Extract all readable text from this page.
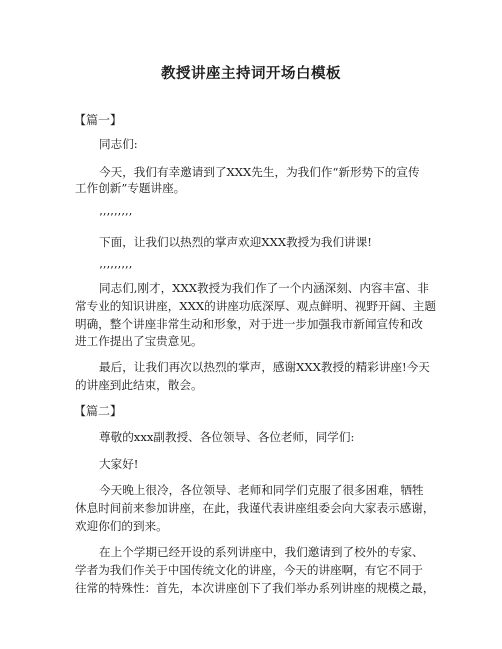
教授讲座主持词开场白模板
【篇一】
同志们:
今天，我们有幸邀请到了XXX先生，为我们作“新形势下的宣传
工作创新”专题讲座。
’’’’’’’’’
下面，让我们以热烈的掌声欢迎XXX教授为我们讲课!
’’’’’’’’’
同志们,刚才，XXX教授为我们作了一个内涵深刻、内容丰富、非
常专业的知识讲座，XXX的讲座功底深厚、观点鲜明、视野开阔、主题
明确，整个讲座非常生动和形象，对于进一步加强我市新闻宣传和改
进工作提出了宝贵意见。
最后，让我们再次以热烈的掌声，感谢XXX教授的精彩讲座!今天
的讲座到此结束，散会。
【篇二】
尊敬的xxx副教授、各位领导、各位老师，同学们:
大家好!
今天晚上很冷，各位领导、老师和同学们克服了很多困难，牺牲
休息时间前来参加讲座，在此，我谨代表讲座组委会向大家表示感谢，
欢迎你们的到来。
在上个学期已经开设的系列讲座中，我们邀请到了校外的专家、
学者为我们作关于中国传统文化的讲座，今天的讲座啊，有它不同于
往常的特殊性：首先，本次讲座创下了我们举办系列讲座的规模之最，
